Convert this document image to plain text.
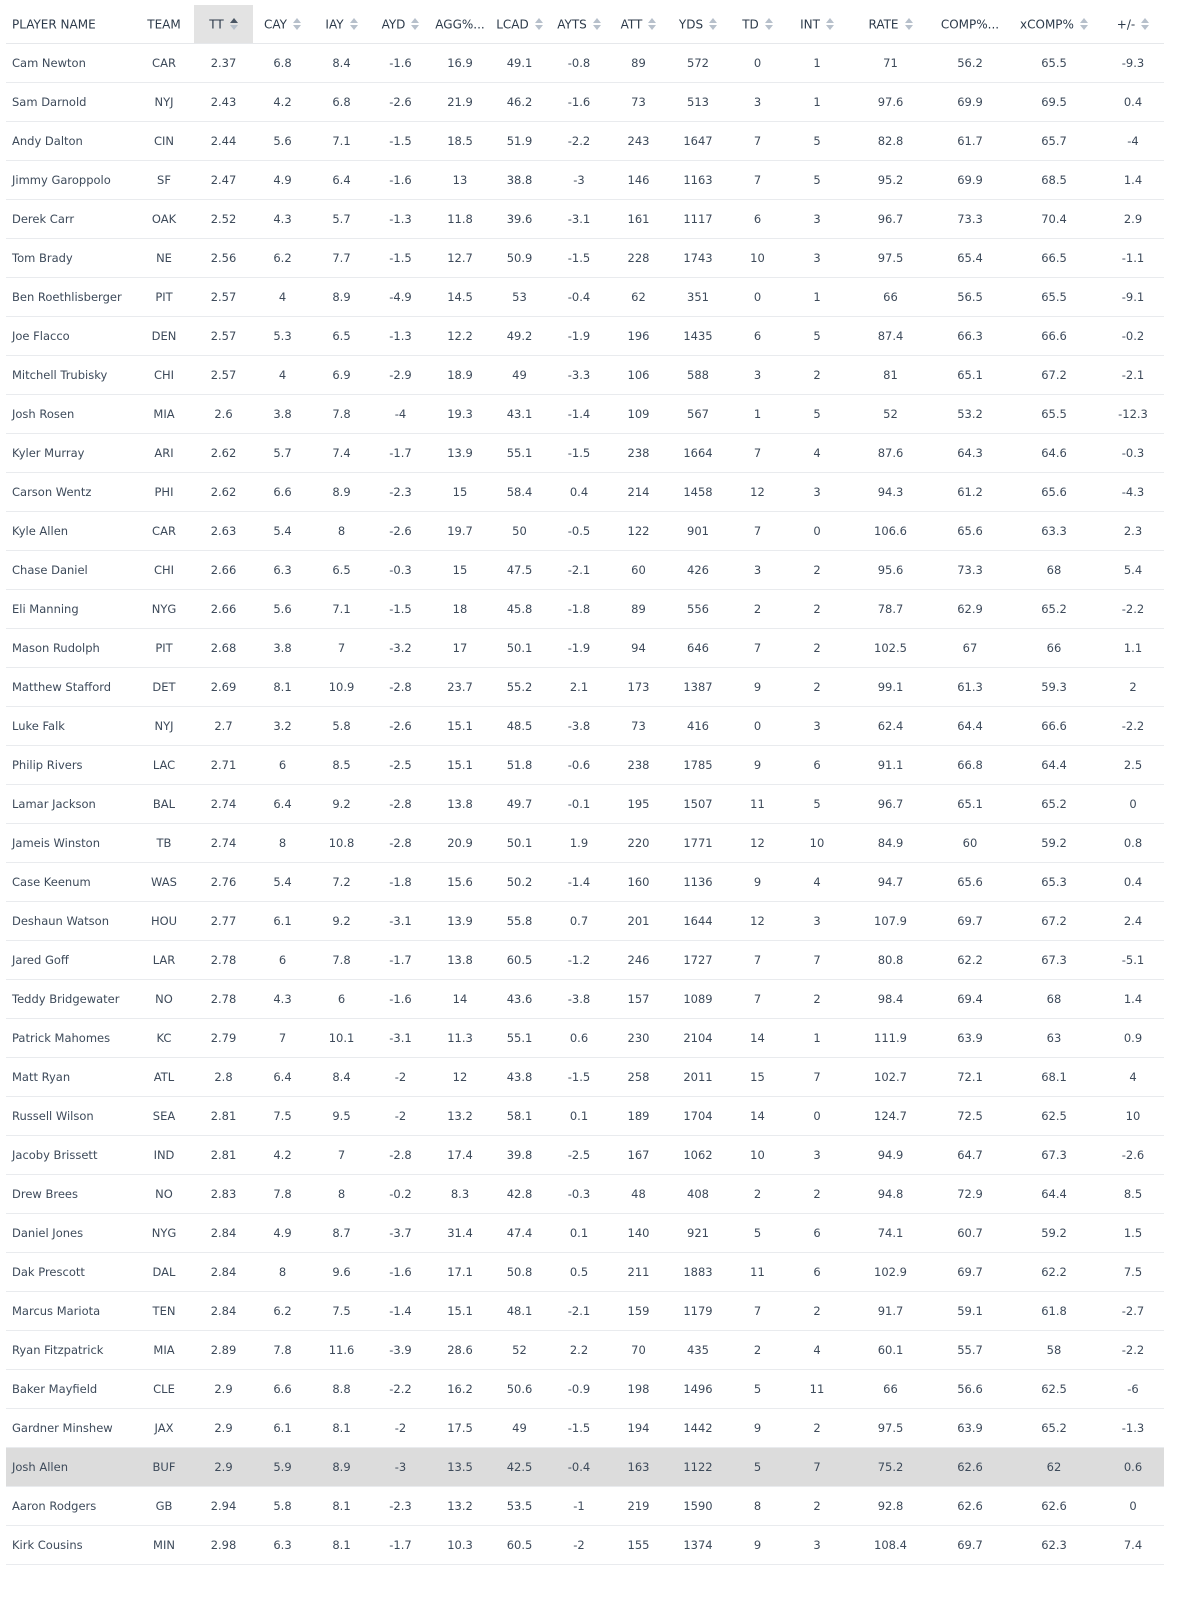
PLAYER NAME	TEAM	TT	CAY	IAY	AYD	AGG%...	LCAD	AYTS	ATT	YDS	TD	INT	RATE	COMP%...	xCOMP%	+/-

Cam Newton	CAR	2.37	6.8	8.4	-1.6	16.9	49.1	-0.8	89	572	0	1	71	56.2	65.5	-9.3
Sam Darnold	NYJ	2.43	4.2	6.8	-2.6	21.9	46.2	-1.6	73	513	3	1	97.6	69.9	69.5	0.4
Andy Dalton	CIN	2.44	5.6	7.1	-1.5	18.5	51.9	-2.2	243	1647	7	5	82.8	61.7	65.7	-4
Jimmy Garoppolo	SF	2.47	4.9	6.4	-1.6	13	38.8	-3	146	1163	7	5	95.2	69.9	68.5	1.4
Derek Carr	OAK	2.52	4.3	5.7	-1.3	11.8	39.6	-3.1	161	1117	6	3	96.7	73.3	70.4	2.9
Tom Brady	NE	2.56	6.2	7.7	-1.5	12.7	50.9	-1.5	228	1743	10	3	97.5	65.4	66.5	-1.1
Ben Roethlisberger	PIT	2.57	4	8.9	-4.9	14.5	53	-0.4	62	351	0	1	66	56.5	65.5	-9.1
Joe Flacco	DEN	2.57	5.3	6.5	-1.3	12.2	49.2	-1.9	196	1435	6	5	87.4	66.3	66.6	-0.2
Mitchell Trubisky	CHI	2.57	4	6.9	-2.9	18.9	49	-3.3	106	588	3	2	81	65.1	67.2	-2.1
Josh Rosen	MIA	2.6	3.8	7.8	-4	19.3	43.1	-1.4	109	567	1	5	52	53.2	65.5	-12.3
Kyler Murray	ARI	2.62	5.7	7.4	-1.7	13.9	55.1	-1.5	238	1664	7	4	87.6	64.3	64.6	-0.3
Carson Wentz	PHI	2.62	6.6	8.9	-2.3	15	58.4	0.4	214	1458	12	3	94.3	61.2	65.6	-4.3
Kyle Allen	CAR	2.63	5.4	8	-2.6	19.7	50	-0.5	122	901	7	0	106.6	65.6	63.3	2.3
Chase Daniel	CHI	2.66	6.3	6.5	-0.3	15	47.5	-2.1	60	426	3	2	95.6	73.3	68	5.4
Eli Manning	NYG	2.66	5.6	7.1	-1.5	18	45.8	-1.8	89	556	2	2	78.7	62.9	65.2	-2.2
Mason Rudolph	PIT	2.68	3.8	7	-3.2	17	50.1	-1.9	94	646	7	2	102.5	67	66	1.1
Matthew Stafford	DET	2.69	8.1	10.9	-2.8	23.7	55.2	2.1	173	1387	9	2	99.1	61.3	59.3	2
Luke Falk	NYJ	2.7	3.2	5.8	-2.6	15.1	48.5	-3.8	73	416	0	3	62.4	64.4	66.6	-2.2
Philip Rivers	LAC	2.71	6	8.5	-2.5	15.1	51.8	-0.6	238	1785	9	6	91.1	66.8	64.4	2.5
Lamar Jackson	BAL	2.74	6.4	9.2	-2.8	13.8	49.7	-0.1	195	1507	11	5	96.7	65.1	65.2	0
Jameis Winston	TB	2.74	8	10.8	-2.8	20.9	50.1	1.9	220	1771	12	10	84.9	60	59.2	0.8
Case Keenum	WAS	2.76	5.4	7.2	-1.8	15.6	50.2	-1.4	160	1136	9	4	94.7	65.6	65.3	0.4
Deshaun Watson	HOU	2.77	6.1	9.2	-3.1	13.9	55.8	0.7	201	1644	12	3	107.9	69.7	67.2	2.4
Jared Goff	LAR	2.78	6	7.8	-1.7	13.8	60.5	-1.2	246	1727	7	7	80.8	62.2	67.3	-5.1
Teddy Bridgewater	NO	2.78	4.3	6	-1.6	14	43.6	-3.8	157	1089	7	2	98.4	69.4	68	1.4
Patrick Mahomes	KC	2.79	7	10.1	-3.1	11.3	55.1	0.6	230	2104	14	1	111.9	63.9	63	0.9
Matt Ryan	ATL	2.8	6.4	8.4	-2	12	43.8	-1.5	258	2011	15	7	102.7	72.1	68.1	4
Russell Wilson	SEA	2.81	7.5	9.5	-2	13.2	58.1	0.1	189	1704	14	0	124.7	72.5	62.5	10
Jacoby Brissett	IND	2.81	4.2	7	-2.8	17.4	39.8	-2.5	167	1062	10	3	94.9	64.7	67.3	-2.6
Drew Brees	NO	2.83	7.8	8	-0.2	8.3	42.8	-0.3	48	408	2	2	94.8	72.9	64.4	8.5
Daniel Jones	NYG	2.84	4.9	8.7	-3.7	31.4	47.4	0.1	140	921	5	6	74.1	60.7	59.2	1.5
Dak Prescott	DAL	2.84	8	9.6	-1.6	17.1	50.8	0.5	211	1883	11	6	102.9	69.7	62.2	7.5
Marcus Mariota	TEN	2.84	6.2	7.5	-1.4	15.1	48.1	-2.1	159	1179	7	2	91.7	59.1	61.8	-2.7
Ryan Fitzpatrick	MIA	2.89	7.8	11.6	-3.9	28.6	52	2.2	70	435	2	4	60.1	55.7	58	-2.2
Baker Mayfield	CLE	2.9	6.6	8.8	-2.2	16.2	50.6	-0.9	198	1496	5	11	66	56.6	62.5	-6
Gardner Minshew	JAX	2.9	6.1	8.1	-2	17.5	49	-1.5	194	1442	9	2	97.5	63.9	65.2	-1.3
Josh Allen	BUF	2.9	5.9	8.9	-3	13.5	42.5	-0.4	163	1122	5	7	75.2	62.6	62	0.6
Aaron Rodgers	GB	2.94	5.8	8.1	-2.3	13.2	53.5	-1	219	1590	8	2	92.8	62.6	62.6	0
Kirk Cousins	MIN	2.98	6.3	8.1	-1.7	10.3	60.5	-2	155	1374	9	3	108.4	69.7	62.3	7.4
